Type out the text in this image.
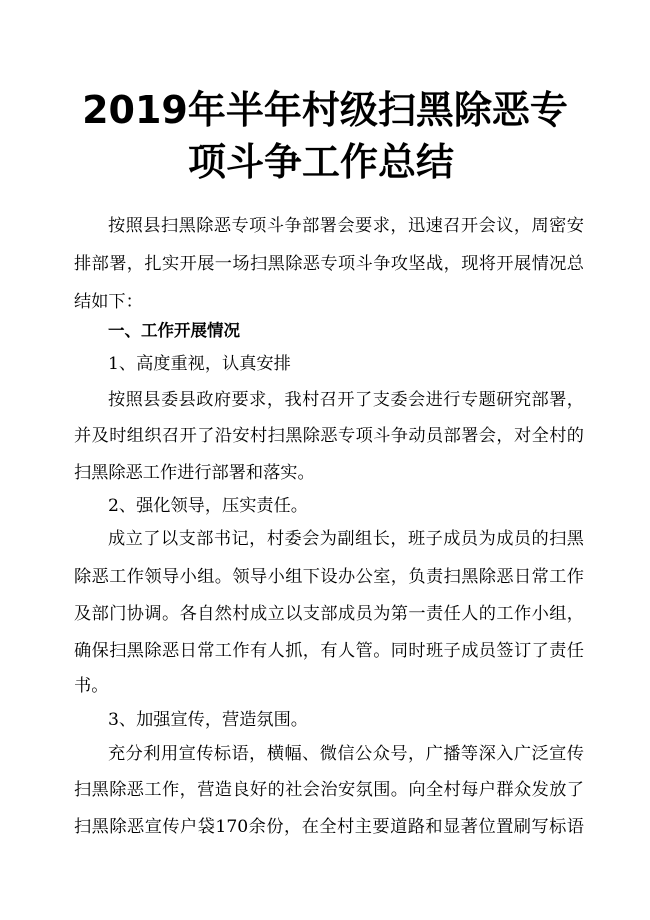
2019年半年村级扫黑除恶专
项斗争工作总结
按照县扫黑除恶专项斗争部署会要求，迅速召开会议，周密安
排部署，扎实开展一场扫黑除恶专项斗争攻坚战，现将开展情况总
结如下：
一、工作开展情况
1、高度重视，认真安排
按照县委县政府要求，我村召开了支委会进行专题研究部署，
并及时组织召开了沿安村扫黑除恶专项斗争动员部署会，对全村的
扫黑除恶工作进行部署和落实。
2、强化领导，压实责任。
成立了以支部书记，村委会为副组长，班子成员为成员的扫黑
除恶工作领导小组。领导小组下设办公室，负责扫黑除恶日常工作
及部门协调。各自然村成立以支部成员为第一责任人的工作小组，
确保扫黑除恶日常工作有人抓，有人管。同时班子成员签订了责任
书。
3、加强宣传，营造氛围。
充分利用宣传标语，横幅、微信公众号，广播等深入广泛宣传
扫黑除恶工作，营造良好的社会治安氛围。向全村每户群众发放了
扫黑除恶宣传户袋170余份，在全村主要道路和显著位置刷写标语
